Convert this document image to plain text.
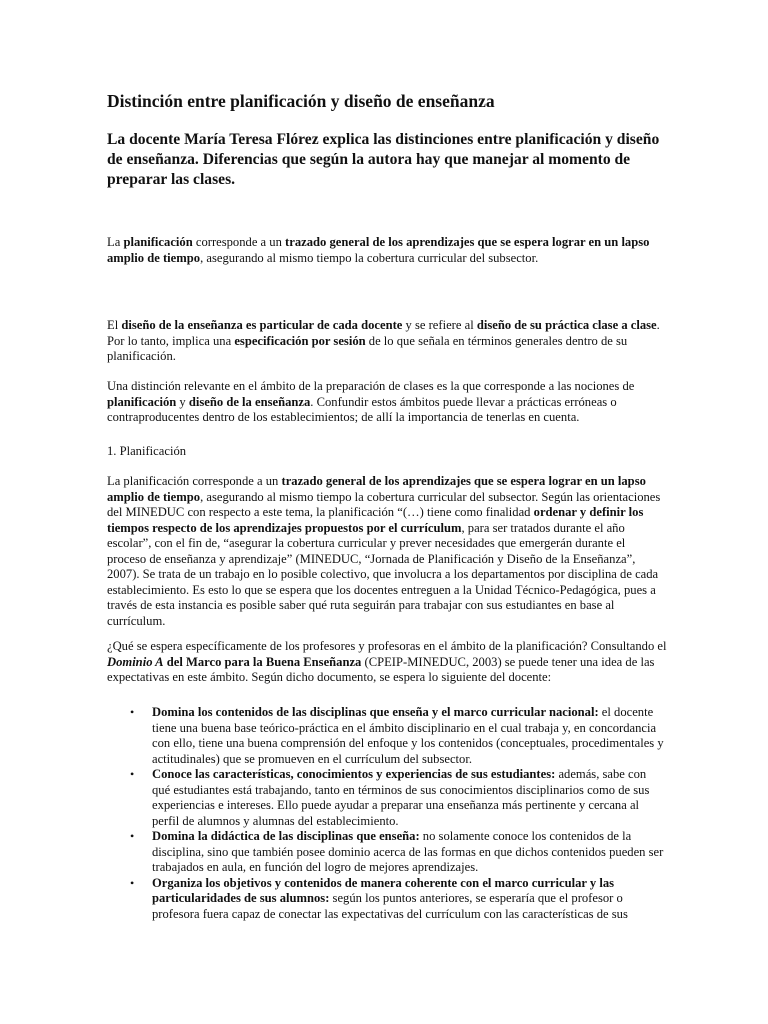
Distinción entre planificación y diseño de enseñanza

La docente María Teresa Flórez explica las distinciones entre planificación y diseño de enseñanza. Diferencias que según la autora hay que manejar al momento de preparar las clases.

La planificación corresponde a un trazado general de los aprendizajes que se espera lograr en un lapso amplio de tiempo, asegurando al mismo tiempo la cobertura curricular del subsector.

El diseño de la enseñanza es particular de cada docente y se refiere al diseño de su práctica clase a clase. Por lo tanto, implica una especificación por sesión de lo que señala en términos generales dentro de su planificación.

Una distinción relevante en el ámbito de la preparación de clases es la que corresponde a las nociones de planificación y diseño de la enseñanza. Confundir estos ámbitos puede llevar a prácticas erróneas o contraproducentes dentro de los establecimientos; de allí la importancia de tenerlas en cuenta.

1. Planificación

La planificación corresponde a un trazado general de los aprendizajes que se espera lograr en un lapso amplio de tiempo, asegurando al mismo tiempo la cobertura curricular del subsector. Según las orientaciones del MINEDUC con respecto a este tema, la planificación “(…) tiene como finalidad ordenar y definir los tiempos respecto de los aprendizajes propuestos por el currículum, para ser tratados durante el año escolar”, con el fin de, “asegurar la cobertura curricular y prever necesidades que emergerán durante el proceso de enseñanza y aprendizaje” (MINEDUC, “Jornada de Planificación y Diseño de la Enseñanza”, 2007). Se trata de un trabajo en lo posible colectivo, que involucra a los departamentos por disciplina de cada establecimiento. Es esto lo que se espera que los docentes entreguen a la Unidad Técnico-Pedagógica, pues a través de esta instancia es posible saber qué ruta seguirán para trabajar con sus estudiantes en base al currículum.

¿Qué se espera específicamente de los profesores y profesoras en el ámbito de la planificación? Consultando el Dominio A del Marco para la Buena Enseñanza (CPEIP-MINEDUC, 2003) se puede tener una idea de las expectativas en este ámbito. Según dicho documento, se espera lo siguiente del docente:

• Domina los contenidos de las disciplinas que enseña y el marco curricular nacional: el docente tiene una buena base teórico-práctica en el ámbito disciplinario en el cual trabaja y, en concordancia con ello, tiene una buena comprensión del enfoque y los contenidos (conceptuales, procedimentales y actitudinales) que se promueven en el currículum del subsector.
• Conoce las características, conocimientos y experiencias de sus estudiantes: además, sabe con qué estudiantes está trabajando, tanto en términos de sus conocimientos disciplinarios como de sus experiencias e intereses. Ello puede ayudar a preparar una enseñanza más pertinente y cercana al perfil de alumnos y alumnas del establecimiento.
• Domina la didáctica de las disciplinas que enseña: no solamente conoce los contenidos de la disciplina, sino que también posee dominio acerca de las formas en que dichos contenidos pueden ser trabajados en aula, en función del logro de mejores aprendizajes.
• Organiza los objetivos y contenidos de manera coherente con el marco curricular y las particularidades de sus alumnos: según los puntos anteriores, se esperaría que el profesor o profesora fuera capaz de conectar las expectativas del currículum con las características de sus
